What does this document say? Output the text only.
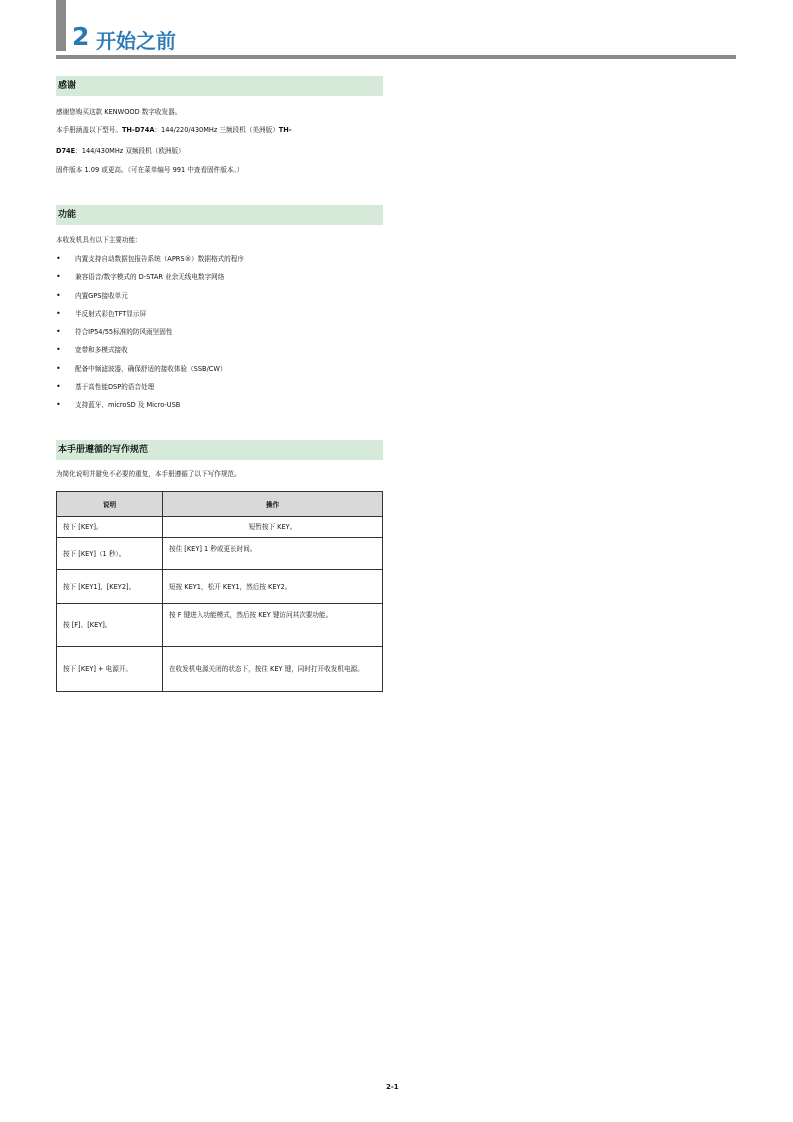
2 开始之前
感谢
感谢您购买这款 KENWOOD 数字收发器。
本手册涵盖以下型号。TH-D74A：144/220/430MHz 三频段机（美洲版）TH-
D74E：144/430MHz 双频段机（欧洲版）
固件版本 1.09 或更高。（可在菜单编号 991 中查看固件版本。）
功能
本收发机具有以下主要功能：
• 内置支持自动数据包报告系统（APRS®）数据格式的程序
• 兼容语音/数字模式的 D-STAR 业余无线电数字网络
• 内置GPS接收单元
• 半反射式彩色TFT显示屏
• 符合IP54/55标准的防风雨坚固性
• 宽带和多模式接收
• 配备中频滤波器，确保舒适的接收体验（SSB/CW）
• 基于高性能DSP的语音处理
• 支持蓝牙、microSD 及 Micro-USB
本手册遵循的写作规范
为简化说明并避免不必要的重复，本手册遵循了以下写作规范。
说明	操作
按下 [KEY]。	短暂按下 KEY。
按下 [KEY]（1 秒）。	按住 [KEY] 1 秒或更长时间。
按下 [KEY1]、[KEY2]。	短按 KEY1，松开 KEY1，然后按 KEY2。
按 [F]、[KEY]。	按 F 键进入功能模式，然后按 KEY 键访问其次要功能。
按下 [KEY] + 电源开。	在收发机电源关闭的状态下，按住 KEY 键，同时打开收发机电源。
2-1
